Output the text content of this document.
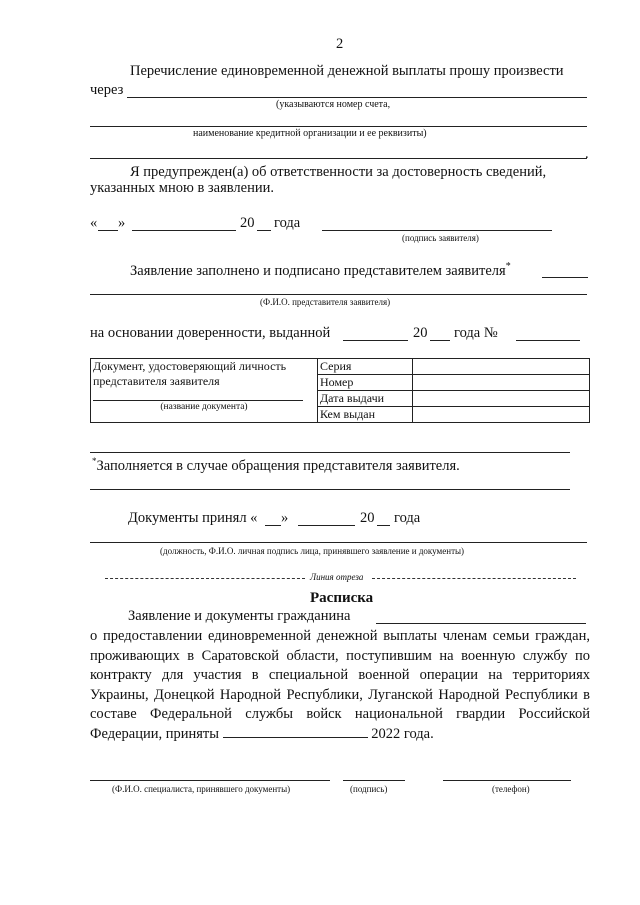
2
Перечисление единовременной денежной выплаты прошу произвести
через
(указываются номер счета,
наименование кредитной организации и ее реквизиты)
.
Я предупрежден(а) об ответственности за достоверность сведений,
указанных мною в заявлении.
« »	20 года
(подпись заявителя)
Заявление заполнено и подписано представителем заявителя*
(Ф.И.О. представителя заявителя)
на основании доверенности, выданной	20 года №
Документ, удостоверяющий личность
представителя заявителя
(название документа)	Серия	
	Номер	
	Дата выдачи	
	Кем выдан	
*Заполняется в случае обращения представителя заявителя.
Документы принял « »	20 года
(должность, Ф.И.О. личная подпись лица, принявшего заявление и документы)
Линия отреза
Расписка
Заявление и документы гражданина
о предоставлении единовременной денежной выплаты членам семьи граждан, проживающих в Саратовской области, поступившим на военную службу по контракту для участия в специальной военной операции на территориях Украины, Донецкой Народной Республики, Луганской Народной Республики в составе Федеральной службы войск национальной гвардии Российской Федерации, приняты	2022 года.
(Ф.И.О. специалиста, принявшего документы)	(подпись)	(телефон)
